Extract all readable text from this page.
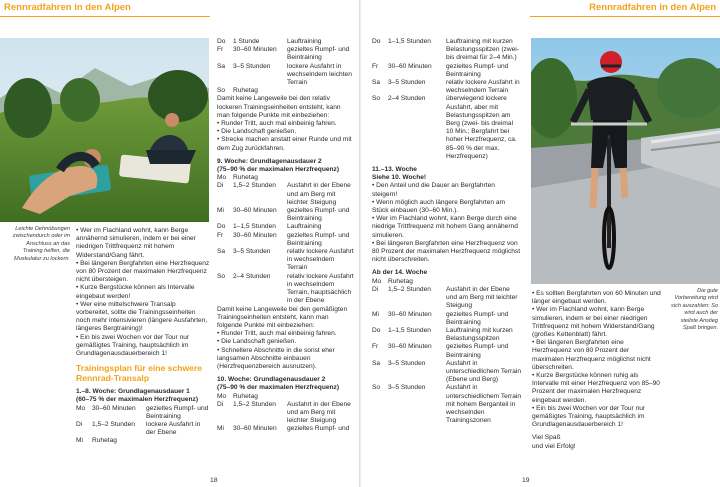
Rennradfahren in den Alpen
Leichte Dehnübungen zwischendurch oder im Anschluss an das Training helfen, die Muskulatur zu lockern.

• Wer im Flachland wohnt, kann Berge annähernd simulieren, indem er bei einer niedrigen Trittfrequenz mit hohem Widerstand/Gang fährt.

• Bei längeren Bergfahrten eine Herzfrequenz von 80 Prozent der maximalen Herzfrequenz nicht übersteigen.

• Kurze Bergstücke können als Intervalle eingebaut werden!

• Wer eine mittelschwere Transalp vorbereitet, sollte die Trainingsseinheiten noch mehr intensivieren (längere Ausfahrten, längeres Bergtraining)!

• Ein bis zwei Wochen vor der Tour nur gemäßigtes Training, hauptsächlich im Grundlagenausdauerbereich 1!

Trainingsplan für eine schwere
Rennrad-Transalp

1.–8. Woche: Grundlagenausdauer 1

(60–75 % der maximalen Herzfrequenz)

Mo	30–60 Minuten	gezieltes Rumpf- und Beintraining
Di	1,5–2 Stunden	lockere Ausfahrt in der Ebene
Mi	Ruhetag
Do	1 Stunde	Lauftraining
Fr	30–60 Minuten	gezieltes Rumpf- und Beintraining
Sa	3–5 Stunden	lockere Ausfahrt in wechselndem leichten Terrain
So	Ruhetag

Damit keine Langeweile bei den relativ lockeren Trainingseinheiten entsteht, kann man folgende Punkte mit einbeziehen:

• Runder Tritt, auch mal einbeinig fahren.

• Die Landschaft genießen.

• Strecke machen anstatt einer Runde und mit dem Zug zurückfahren.

9. Woche: Grundlagenausdauer 2

(75–90 % der maximalen Herzfrequenz)

Mo	Ruhetag
Di	1,5–2 Stunden	Ausfahrt in der Ebene und am Berg mit leichter Steigung
Mi	30–60 Minuten	gezieltes Rumpf- und Beintraining
Do	1–1,5 Stunden	Lauftraining
Fr	30–60 Minuten	gezieltes Rumpf- und Beintraining
Sa	3–5 Stunden	relativ lockere Ausfahrt in wechselndem Terrain
So	2–4 Stunden	relativ lockere Ausfahrt in wechselndem Terrain, hauptsächlich in der Ebene

Damit keine Langeweile bei den gemäßigten Trainingseinheiten entsteht, kann man folgende Punkte mit einbeziehen:

• Runder Tritt, auch mal einbeinig fahren.

• Die Landschaft genießen.

• Schnellere Abschnitte in die sonst eher langsamen Abschnitte einbauen (Herzfrequenzbereich ausnutzen).

10. Woche: Grundlagenausdauer 2

(75–90 % der maximalen Herzfrequenz)

Mo	Ruhetag
Di	1,5–2 Stunden	Ausfahrt in der Ebene und am Berg mit leichter Steigung
Mi	30–60 Minuten	gezieltes Rumpf- und
18
Rennradfahren in den Alpen
Do	1–1,5 Stunden	Lauftraining mit kurzen Belastungsspitzen (zwei- bis dreimal für 2–4 Min.)
Fr	30–60 Minuten	gezieltes Rumpf- und Beintraining
Sa	3–5 Stunden	relativ lockere Ausfahrt in wechselndem Terrain
So	2–4 Stunden	überwiegend lockere Ausfahrt, aber mit Belastungsspitzen am Berg (zwei- bis dreimal 10 Min.; Bergfahrt bei hoher Herzfrequenz, ca. 85–90 % der max. Herzfrequenz)

11.–13. Woche

Siehe 10. Woche!

• Den Anteil und die Dauer an Bergfahrten steigern!

• Wenn möglich auch längere Bergfahrten am Stück einbauen (30–60 Min.).

• Wer im Flachland wohnt, kann Berge durch eine niedrige Trittfrequenz mit hohem Gang annähernd simulieren.

• Bei längeren Bergfahrten eine Herzfrequenz von 80 Prozent der maximalen Herzfrequenz möglichst nicht überschreiten.

Ab der 14. Woche

Mo	Ruhetag
Di	1,5–2 Stunden	Ausfahrt in der Ebene und am Berg mit leichter Steigung
Mi	30–60 Minuten	gezieltes Rumpf- und Beintraining
Do	1–1,5 Stunden	Lauftraining mit kurzen Belastungsspitzen
Fr	30–60 Minuten	gezieltes Rumpf- und Beintraining
Sa	3–5 Stunden	Ausfahrt in unterschiedlichem Terrain (Ebene und Berg)
So	3–5 Stunden	Ausfahrt in unterschiedlichem Terrain mit hohem Berganteil in wechselnden Trainingszonen
Die gute Vorbereitung wird sich auszahlen: So wird auch der steilste Anstieg Spaß bringen.

• Es sollten Bergfahrten von 60 Minuten und länger eingebaut werden.

• Wer im Flachland wohnt, kann Berge simulieren, indem er bei einer niedrigen Trittfrequenz mit hohem Widerstand/Gang (großes Kettenblatt) fährt.

• Bei längeren Bergfahrten eine Herzfrequenz von 80 Prozent der maximalen Herzfrequenz möglichst nicht überschreiten.

• Kurze Bergstücke können ruhig als Intervalle mit einer Herzfrequenz von 85–90 Prozent der maximalen Herzfrequenz eingebaut werden.

• Ein bis zwei Wochen vor der Tour nur gemäßigtes Training, hauptsächlich im Grundlagenausdauerbereich 1!

Viel Spaß

und viel Erfolg!

19
